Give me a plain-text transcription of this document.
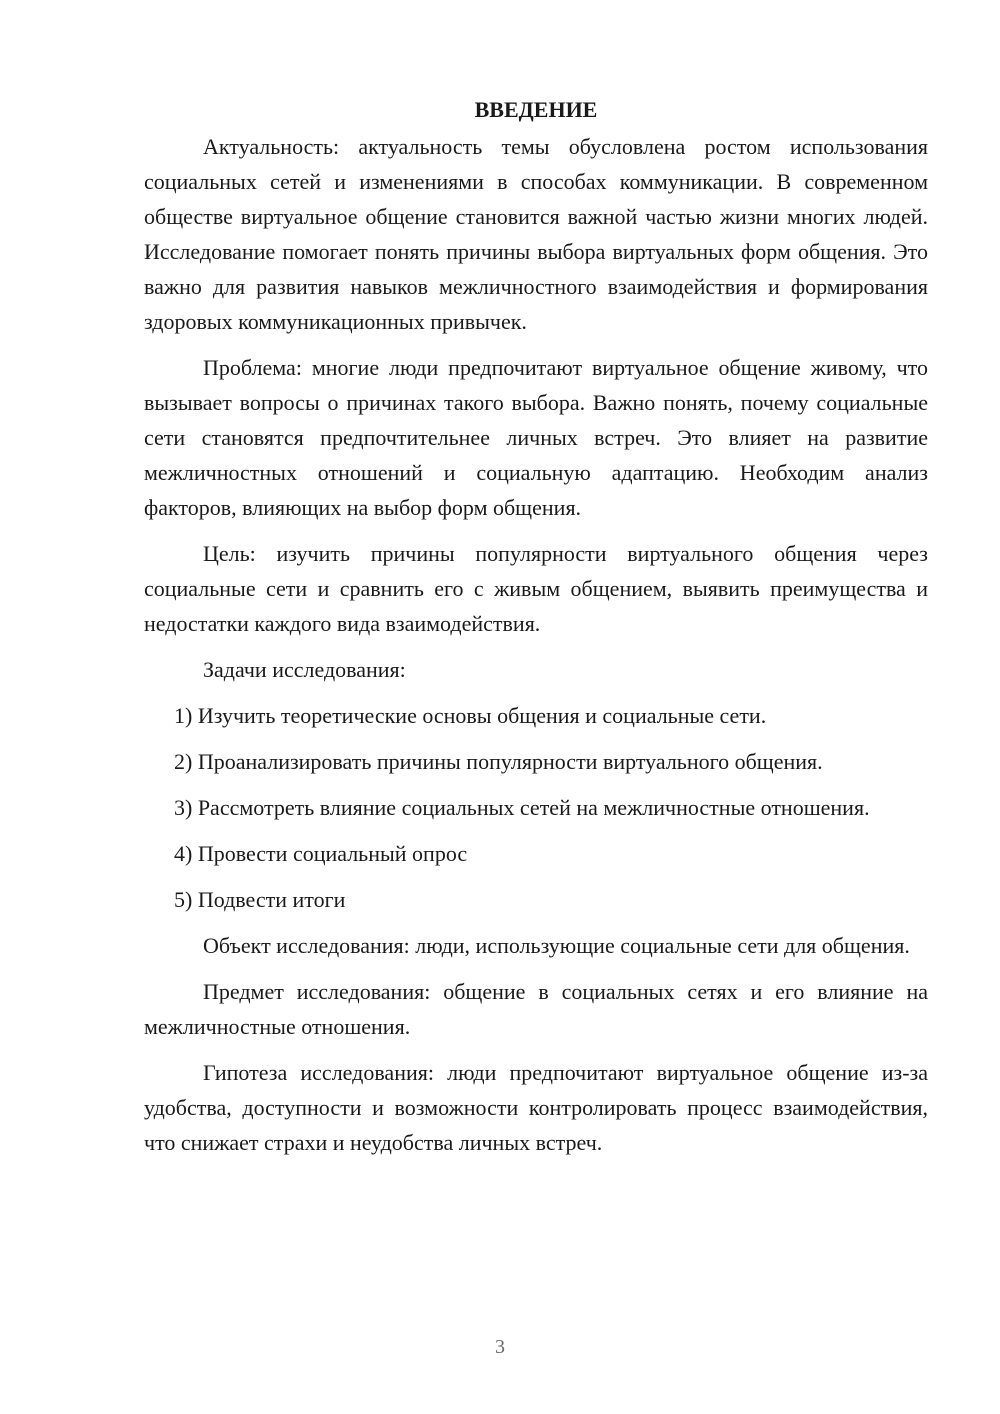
ВВЕДЕНИЕ

Актуальность: актуальность темы обусловлена ростом использования социальных сетей и изменениями в способах коммуникации. В современном обществе виртуальное общение становится важной частью жизни многих людей. Исследование помогает понять причины выбора виртуальных форм общения. Это важно для развития навыков межличностного взаимодействия и формирования здоровых коммуникационных привычек.

Проблема: многие люди предпочитают виртуальное общение живому, что вызывает вопросы о причинах такого выбора. Важно понять, почему социальные сети становятся предпочтительнее личных встреч. Это влияет на развитие межличностных отношений и социальную адаптацию. Необходим анализ факторов, влияющих на выбор форм общения.

Цель: изучить причины популярности виртуального общения через социальные сети и сравнить его с живым общением, выявить преимущества и недостатки каждого вида взаимодействия.

Задачи исследования:

1) Изучить теоретические основы общения и социальные сети.

2) Проанализировать причины популярности виртуального общения.

3) Рассмотреть влияние социальных сетей на межличностные отношения.

4) Провести социальный опрос

5) Подвести итоги

Объект исследования: люди, использующие социальные сети для общения.

Предмет исследования: общение в социальных сетях и его влияние на межличностные отношения.

Гипотеза исследования: люди предпочитают виртуальное общение из-за удобства, доступности и возможности контролировать процесс взаимодействия, что снижает страхи и неудобства личных встреч.

3
